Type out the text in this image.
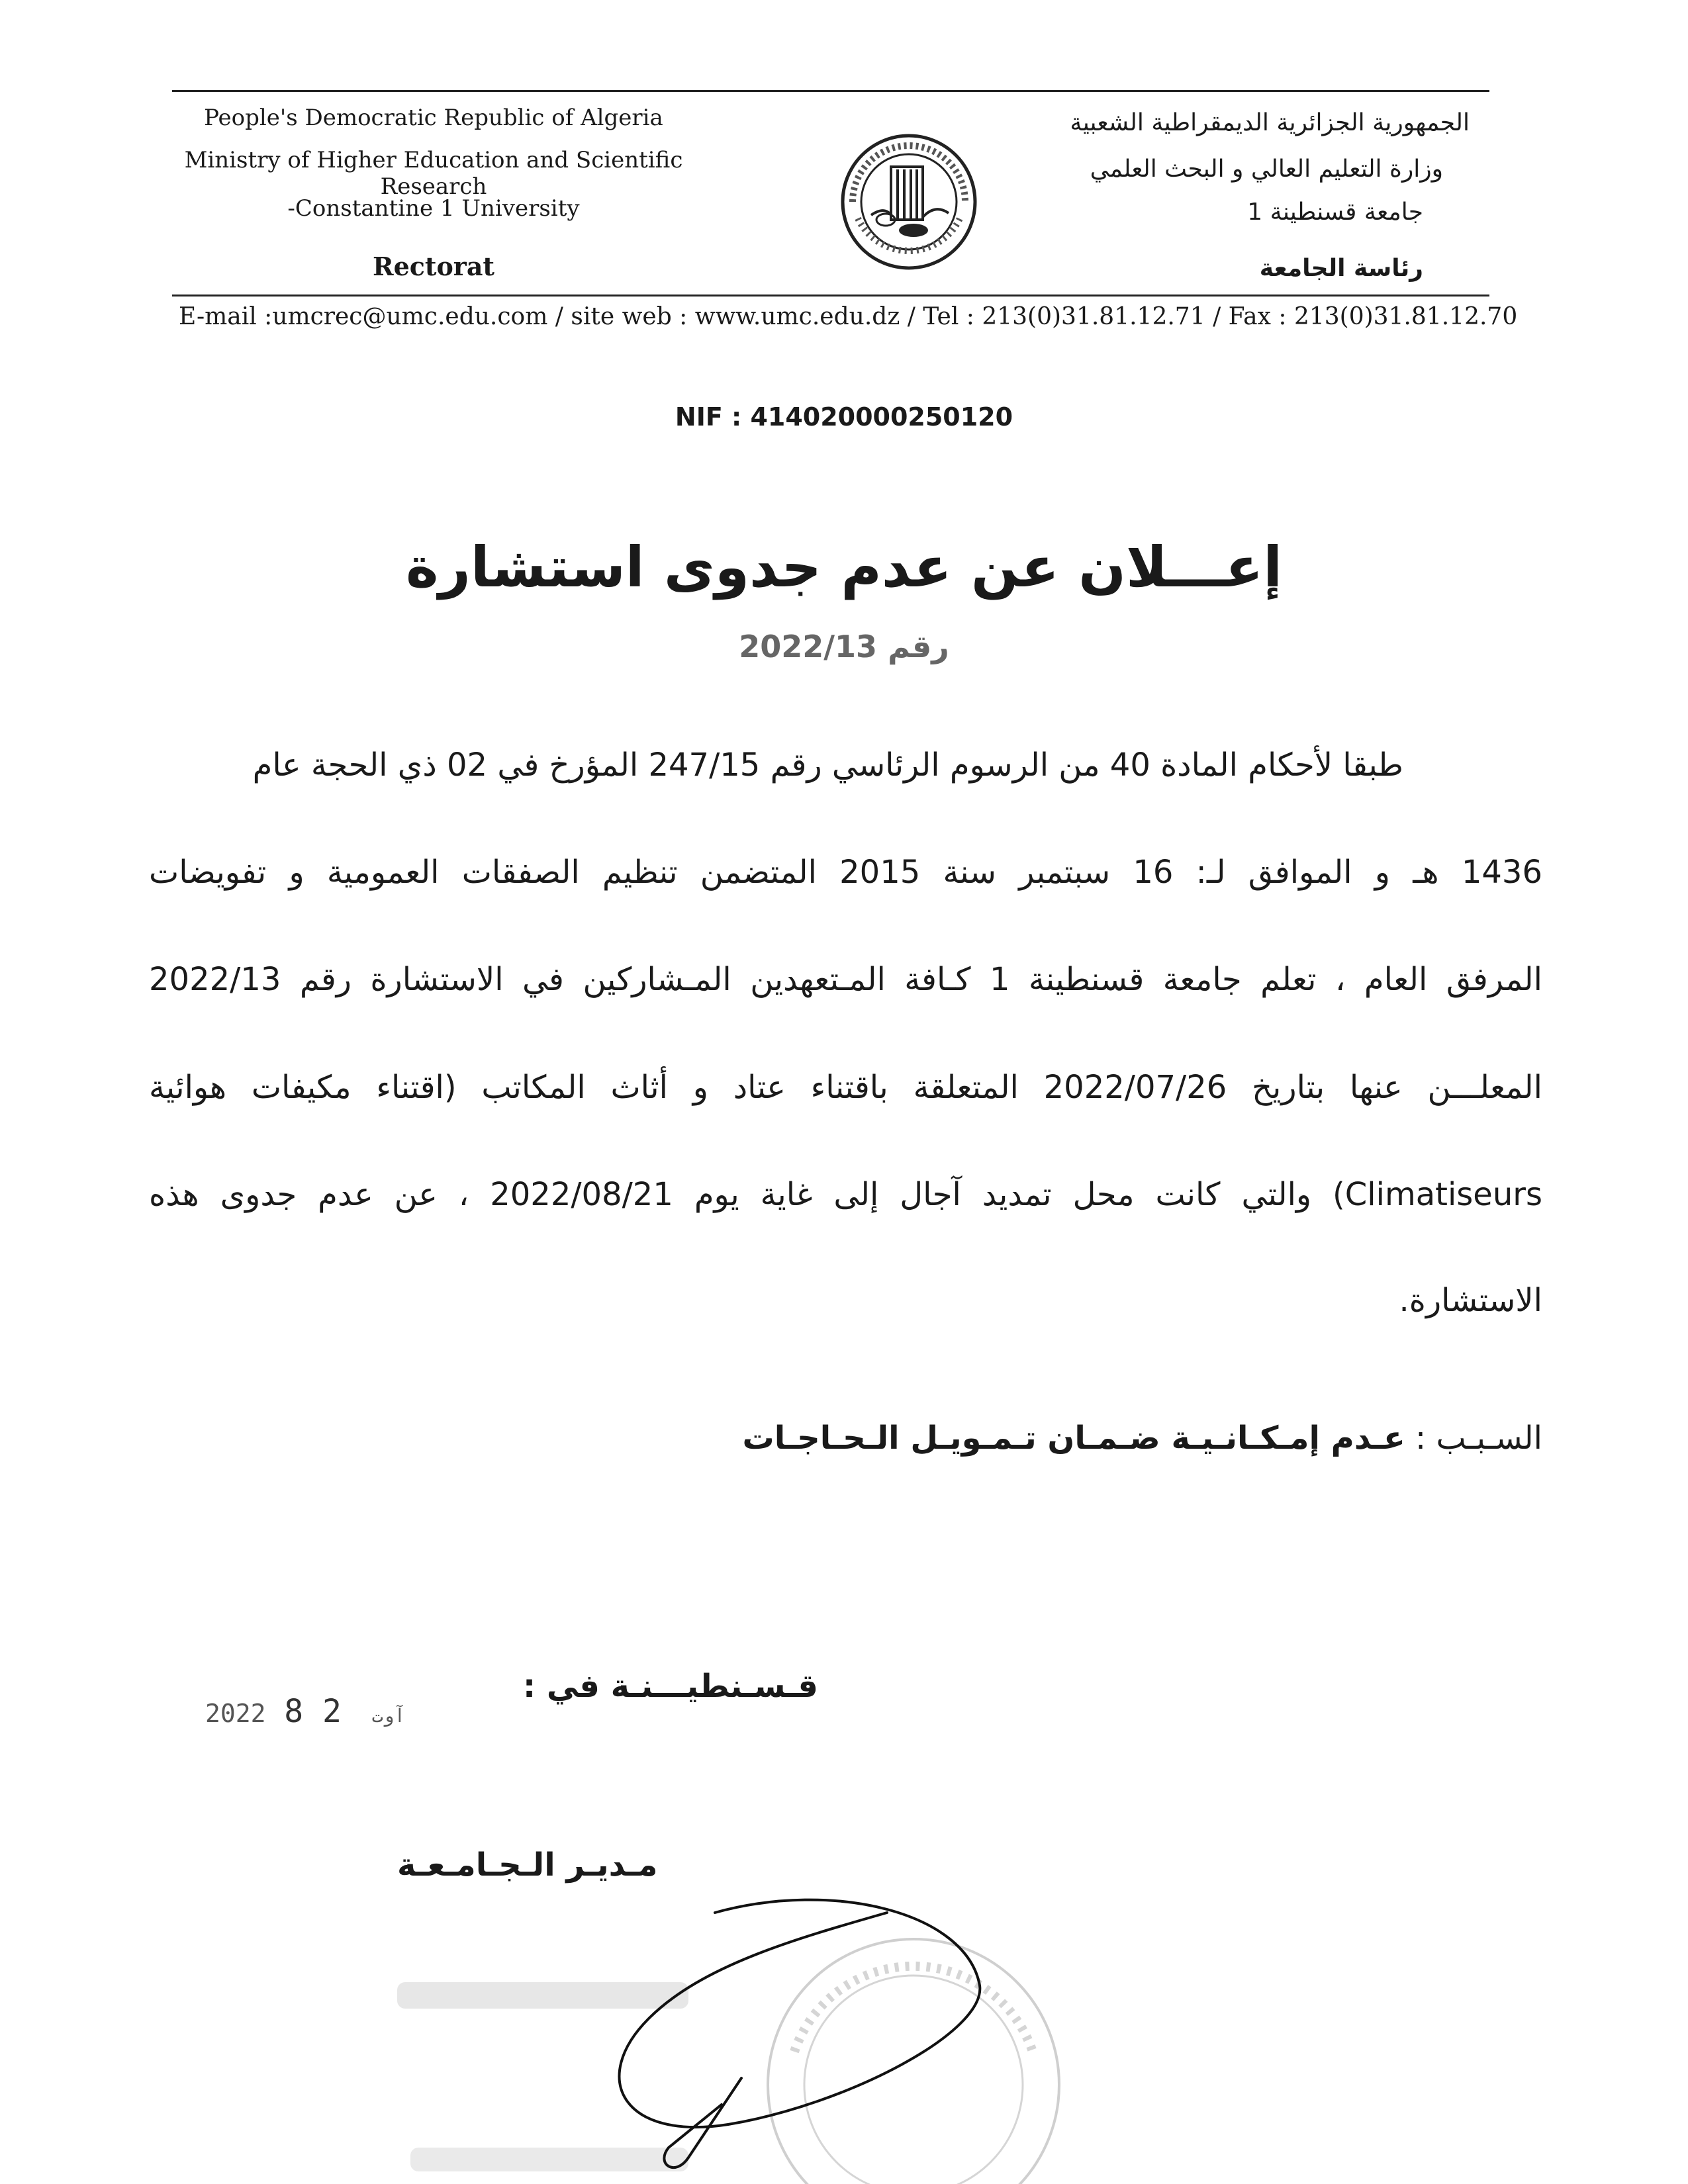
People's Democratic Republic of Algeria
Ministry of Higher Education and Scientific Research
-Constantine 1 University
Rectorat
الجمهورية الجزائرية الديمقراطية الشعبية
وزارة التعليم العالي و البحث العلمي
جامعة قسنطينة 1
رئاسة الجامعة
E-mail :umcrec@umc.edu.com / site web : www.umc.edu.dz / Tel : 213(0)31.81.12.71 / Fax : 213(0)31.81.12.70
NIF : 414020000250120
إعـــلان عن عدم جدوى استشارة
رقم 2022/13
طبقا لأحكام المادة 40 من الرسوم الرئاسي رقم 247/15 المؤرخ في 02 ذي الحجة عام
1436 هـ و الموافق لـ: 16 سبتمبر سنة 2015 المتضمن تنظيم الصفقات العمومية و تفويضات
المرفق العام ، تعلم جامعة قسنطينة 1 كـافة المـتعهدين المـشاركين في الاستشارة رقم 2022/13
المعلـــن عنها بتاريخ 2022/07/26 المتعلقة باقتناء عتاد و أثاث المكاتب (اقتناء مكيفات هوائية
Climatiseurs) والتي كانت محل تمديد آجال إلى غاية يوم 2022/08/21 ، عن عدم جدوى هذه
الاستشارة.
السـبـب : عـدم إمـكـانـيـة ضـمـان تـمـويـل الـحـاجـات
قـسـنطيـــنـة في :
2022	آوت 2 8
مـديـر الـجـامـعـة
